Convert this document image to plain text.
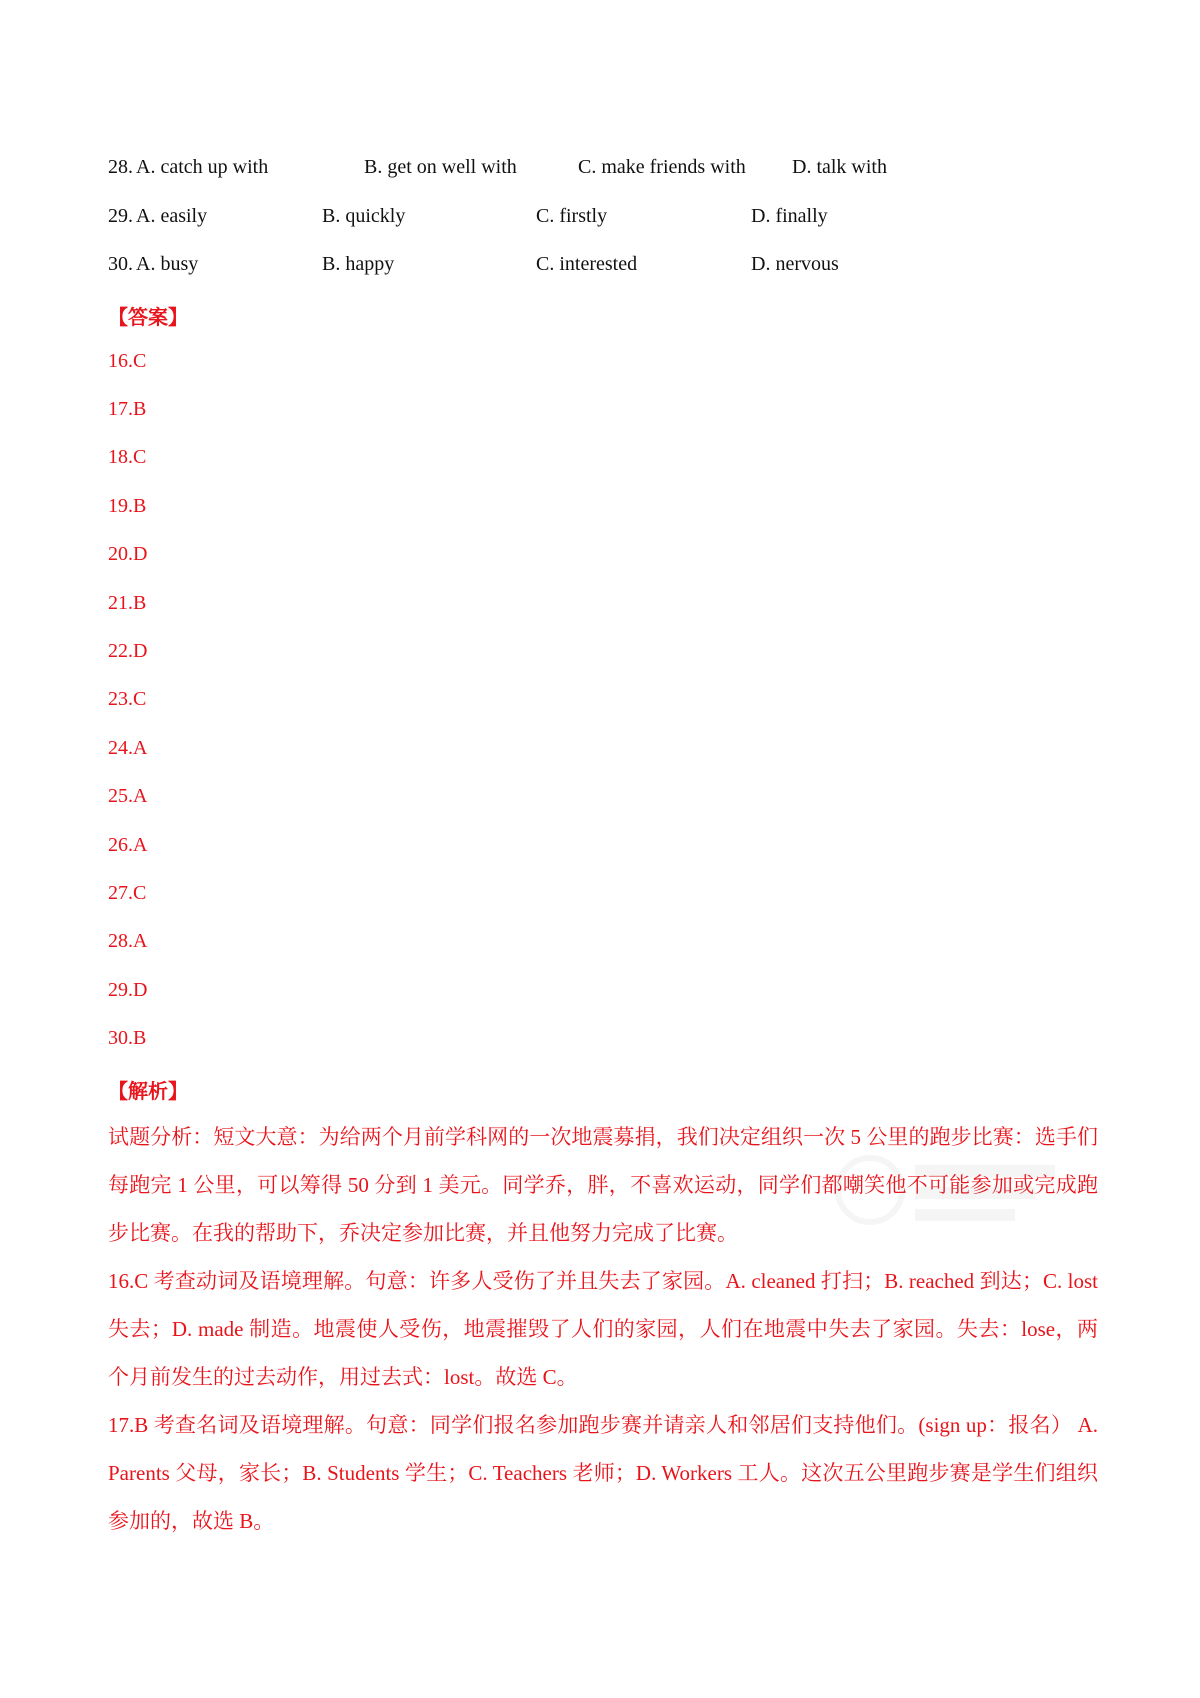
28. A. catch up with	B. get on well with	C. make friends with D. talk with
29. A. easily	B. quickly	C. firstly	D. finally
30. A. busy	B. happy	C. interested	D. nervous
【答案】
16.C
17.B
18.C
19.B
20.D
21.B
22.D
23.C
24.A
25.A
26.A
27.C
28.A
29.D
30.B
【解析】
试题分析：短文大意：为给两个月前学科网的一次地震募捐，我们决定组织一次 5 公里的跑步比赛：选手们每跑完 1 公里，可以筹得 50 分到 1 美元。同学乔，胖，不喜欢运动，同学们都嘲笑他不可能参加或完成跑步比赛。在我的帮助下，乔决定参加比赛，并且他努力完成了比赛。
16.C 考查动词及语境理解。句意：许多人受伤了并且失去了家园。A. cleaned 打扫；B. reached 到达；C. lost 失去；D. made 制造。地震使人受伤，地震摧毁了人们的家园，人们在地震中失去了家园。失去：lose，两个月前发生的过去动作，用过去式：lost。故选 C。
17.B 考查名词及语境理解。句意：同学们报名参加跑步赛并请亲人和邻居们支持他们。(sign up：报名） A. Parents 父母，家长；B. Students 学生；C. Teachers 老师；D. Workers 工人。这次五公里跑步赛是学生们组织参加的，故选 B。
